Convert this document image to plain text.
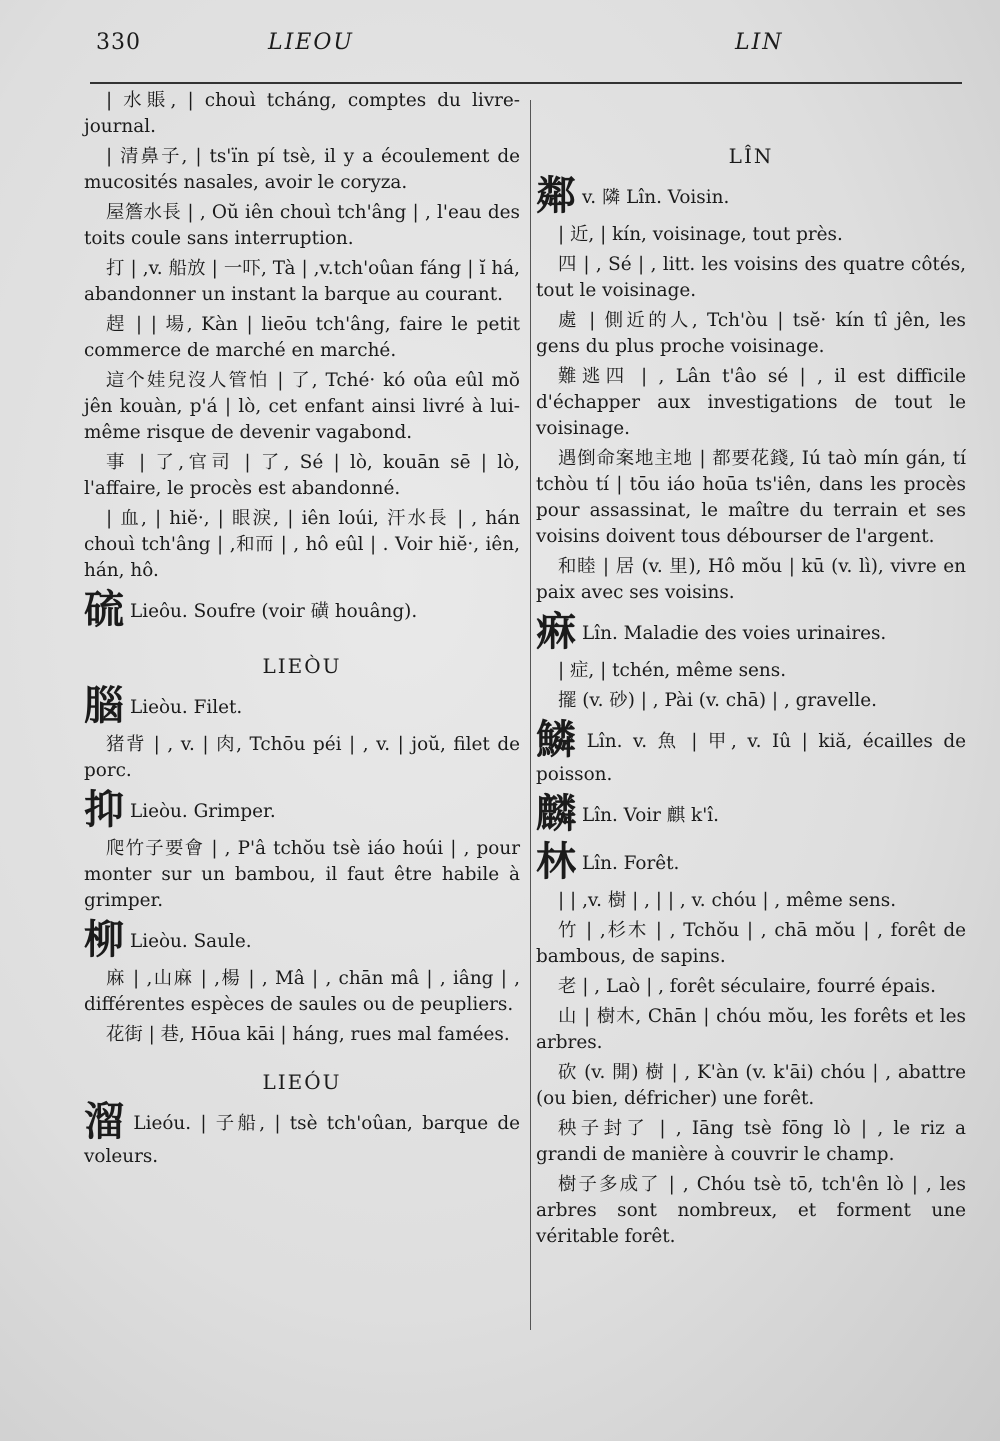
330	LIEOU	LIN

| 水賬, | chouì tcháng, comptes du livre-journal.

| 清鼻子, | ts'ïn pí tsè, il y a écoulement de mucosités nasales, avoir le coryza.

屋簷水長 | , Oŭ iên chouì tch'âng | , l'eau des toits coule sans interruption.

打 | ,v. 船放 | 一吓, Tà | ,v.tch'oûan fáng | ĭ há, abandonner un instant la barque au courant.

趕 | | 場, Kàn | lieōu tch'âng, faire le petit commerce de marché en marché.

這个娃兒沒人管怕 | 了, Tché· kó oûa eûl mŏ jên kouàn, p'á | lò, cet enfant ainsi livré à lui-même risque de devenir vagabond.

事 | 了,官司 | 了, Sé | lò, kouān sē | lò, l'affaire, le procès est abandonné.

| 血, | hiĕ·, | 眼淚, | iên loúi, 汗水長 | , hán chouì tch'âng | ,和而 | , hô eûl | . Voir hiĕ·, iên, hán, hô.

硫 Lieôu. Soufre (voir 磺 houâng).
LIEÒU
腦 Lieòu. Filet.

猪背 | , v. | 肉, Tchōu péi | , v. | joŭ, filet de porc.

抑 Lieòu. Grimper.

爬竹子要會 | , P'â tchŏu tsè iáo hoúi | , pour monter sur un bambou, il faut être habile à grimper.

柳 Lieòu. Saule.

麻 | ,山麻 | ,楊 | , Mâ | , chān mâ | , iâng | , différentes espèces de saules ou de peupliers.

花街 | 巷, Hōua kāi | háng, rues mal famées.

LIEÓU
溜 Lieóu. | 子船, | tsè tch'oûan, barque de voleurs.
LÎN
鄰v. 隣 Lîn. Voisin.

| 近, | kín, voisinage, tout près.

四 | , Sé | , litt. les voisins des quatre côtés, tout le voisinage.

處 | 側近的人, Tch'òu | tsĕ· kín tî jên, les gens du plus proche voisinage.

難逃四 | , Lân t'âo sé | , il est difficile d'échapper aux investigations de tout le voisinage.

遇倒命案地主地 | 都要花錢, Iú taò mín gán, tí tchòu tí | tōu iáo hoūa ts'iên, dans les procès pour assassinat, le maître du terrain et ses voisins doivent tous débourser de l'argent.

和睦 | 居 (v. 里), Hô mŏu | kū (v. lì), vivre en paix avec ses voisins.

痳 Lîn. Maladie des voies urinaires.

| 症, | tchén, même sens.

擺 (v. 砂) | , Pài (v. chā) | , gravelle.

鱗 Lîn. v. 魚 | 甲, v. Iû | kiă, écailles de poisson.
麟 Lîn. Voir 麒 k'î.
林 Lîn. Forêt.

| | ,v. 樹 | , | | , v. chóu | , même sens.

竹 | ,杉木 | , Tchŏu | , chā mŏu | , forêt de bambous, de sapins.

老 | , Laò | , forêt séculaire, fourré épais.

山 | 樹木, Chān | chóu mŏu, les forêts et les arbres.

砍 (v. 開) 樹 | , K'àn (v. k'āi) chóu | , abattre (ou bien, défricher) une forêt.

秧子封了 | , Iāng tsè fōng lò | , le riz a grandi de manière à couvrir le champ.

樹子多成了 | , Chóu tsè tō, tch'ên lò | , les arbres sont nombreux, et forment une véritable forêt.
